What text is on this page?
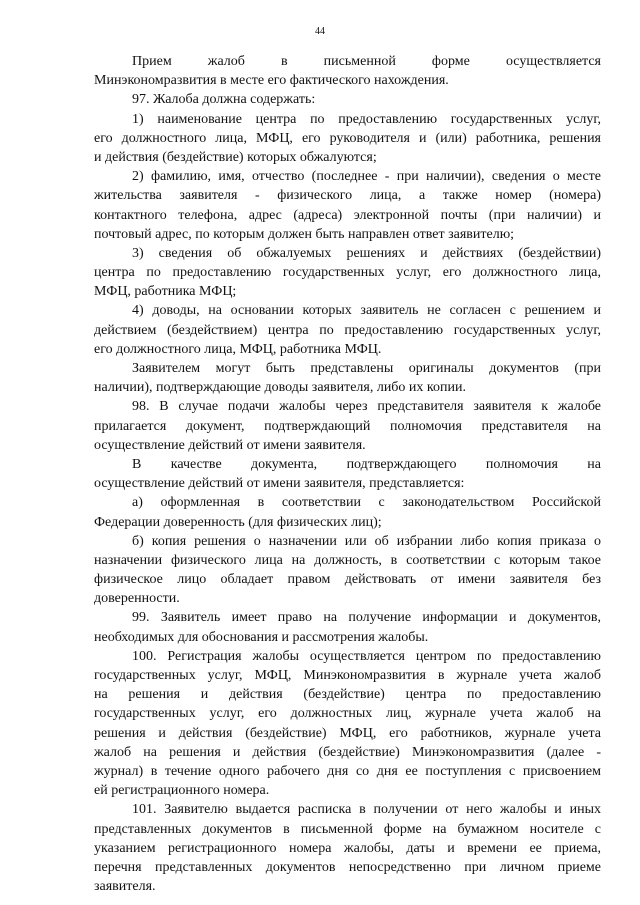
44
Прием жалоб в письменной форме осуществляется
Минэкономразвития в месте его фактического нахождения.
97. Жалоба должна содержать:
1) наименование центра по предоставлению государственных услуг,
его должностного лица, МФЦ, его руководителя и (или) работника, решения
и действия (бездействие) которых обжалуются;
2) фамилию, имя, отчество (последнее - при наличии), сведения о месте
жительства заявителя - физического лица, а также номер (номера)
контактного телефона, адрес (адреса) электронной почты (при наличии) и
почтовый адрес, по которым должен быть направлен ответ заявителю;
3) сведения об обжалуемых решениях и действиях (бездействии)
центра по предоставлению государственных услуг, его должностного лица,
МФЦ, работника МФЦ;
4) доводы, на основании которых заявитель не согласен с решением и
действием (бездействием) центра по предоставлению государственных услуг,
его должностного лица, МФЦ, работника МФЦ.
Заявителем могут быть представлены оригиналы документов (при
наличии), подтверждающие доводы заявителя, либо их копии.
98. В случае подачи жалобы через представителя заявителя к жалобе
прилагается документ, подтверждающий полномочия представителя на
осуществление действий от имени заявителя.
В качестве документа, подтверждающего полномочия на
осуществление действий от имени заявителя, представляется:
а) оформленная в соответствии с законодательством Российской
Федерации доверенность (для физических лиц);
б) копия решения о назначении или об избрании либо копия приказа о
назначении физического лица на должность, в соответствии с которым такое
физическое лицо обладает правом действовать от имени заявителя без
доверенности.
99. Заявитель имеет право на получение информации и документов,
необходимых для обоснования и рассмотрения жалобы.
100. Регистрация жалобы осуществляется центром по предоставлению
государственных услуг, МФЦ, Минэкономразвития в журнале учета жалоб
на решения и действия (бездействие) центра по предоставлению
государственных услуг, его должностных лиц, журнале учета жалоб на
решения и действия (бездействие) МФЦ, его работников, журнале учета
жалоб на решения и действия (бездействие) Минэкономразвития (далее -
журнал) в течение одного рабочего дня со дня ее поступления с присвоением
ей регистрационного номера.
101. Заявителю выдается расписка в получении от него жалобы и иных
представленных документов в письменной форме на бумажном носителе с
указанием регистрационного номера жалобы, даты и времени ее приема,
перечня представленных документов непосредственно при личном приеме
заявителя.
